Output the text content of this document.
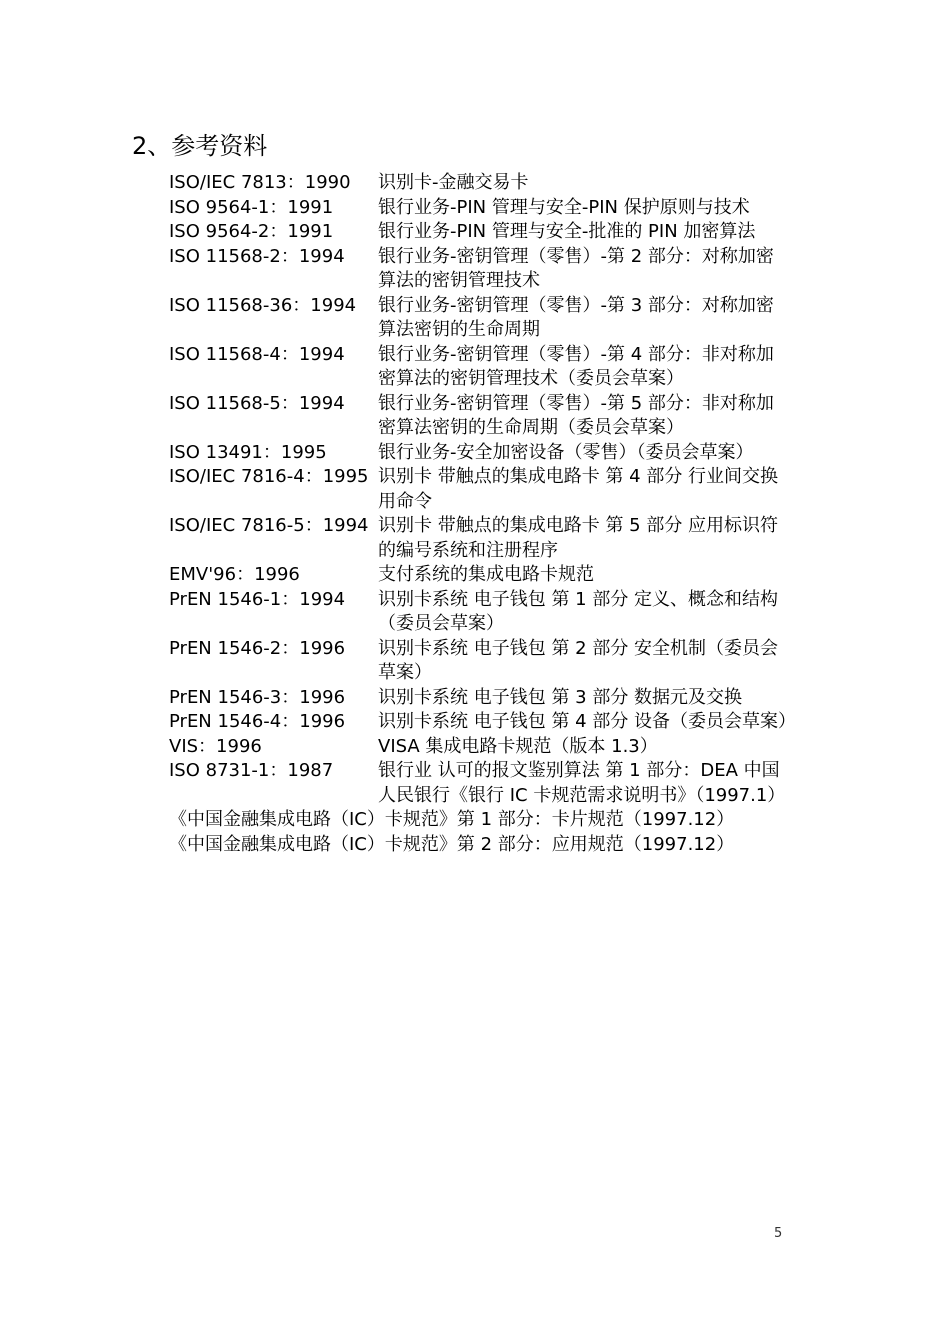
2、参考资料
ISO/IEC 7813：1990	识别卡-金融交易卡
ISO 9564-1：1991	银行业务-PIN 管理与安全-PIN 保护原则与技术
ISO 9564-2：1991	银行业务-PIN 管理与安全-批准的 PIN 加密算法
ISO 11568-2：1994	银行业务-密钥管理（零售）-第 2 部分：对称加密算法的密钥管理技术
ISO 11568-36：1994	银行业务-密钥管理（零售）-第 3 部分：对称加密算法密钥的生命周期
ISO 11568-4：1994	银行业务-密钥管理（零售）-第 4 部分：非对称加密算法的密钥管理技术（委员会草案）
ISO 11568-5：1994	银行业务-密钥管理（零售）-第 5 部分：非对称加密算法密钥的生命周期（委员会草案）
ISO 13491：1995	银行业务-安全加密设备（零售）（委员会草案）
ISO/IEC 7816-4：1995 识别卡 带触点的集成电路卡 第 4 部分 行业间交换用命令
ISO/IEC 7816-5：1994 识别卡 带触点的集成电路卡 第 5 部分 应用标识符的编号系统和注册程序
EMV'96：1996	支付系统的集成电路卡规范
PrEN 1546-1：1994	识别卡系统 电子钱包 第 1 部分 定义、概念和结构（委员会草案）
PrEN 1546-2：1996	识别卡系统 电子钱包 第 2 部分 安全机制（委员会草案）
PrEN 1546-3：1996	识别卡系统 电子钱包 第 3 部分 数据元及交换
PrEN 1546-4：1996	识别卡系统 电子钱包 第 4 部分 设备（委员会草案）
VIS：1996	VISA 集成电路卡规范（版本 1.3）
ISO 8731-1：1987	银行业 认可的报文鉴别算法 第 1 部分：DEA 中国人民银行《银行 IC 卡规范需求说明书》（1997.1）
《中国金融集成电路（IC）卡规范》第 1 部分：卡片规范（1997.12）
《中国金融集成电路（IC）卡规范》第 2 部分：应用规范（1997.12）
5
